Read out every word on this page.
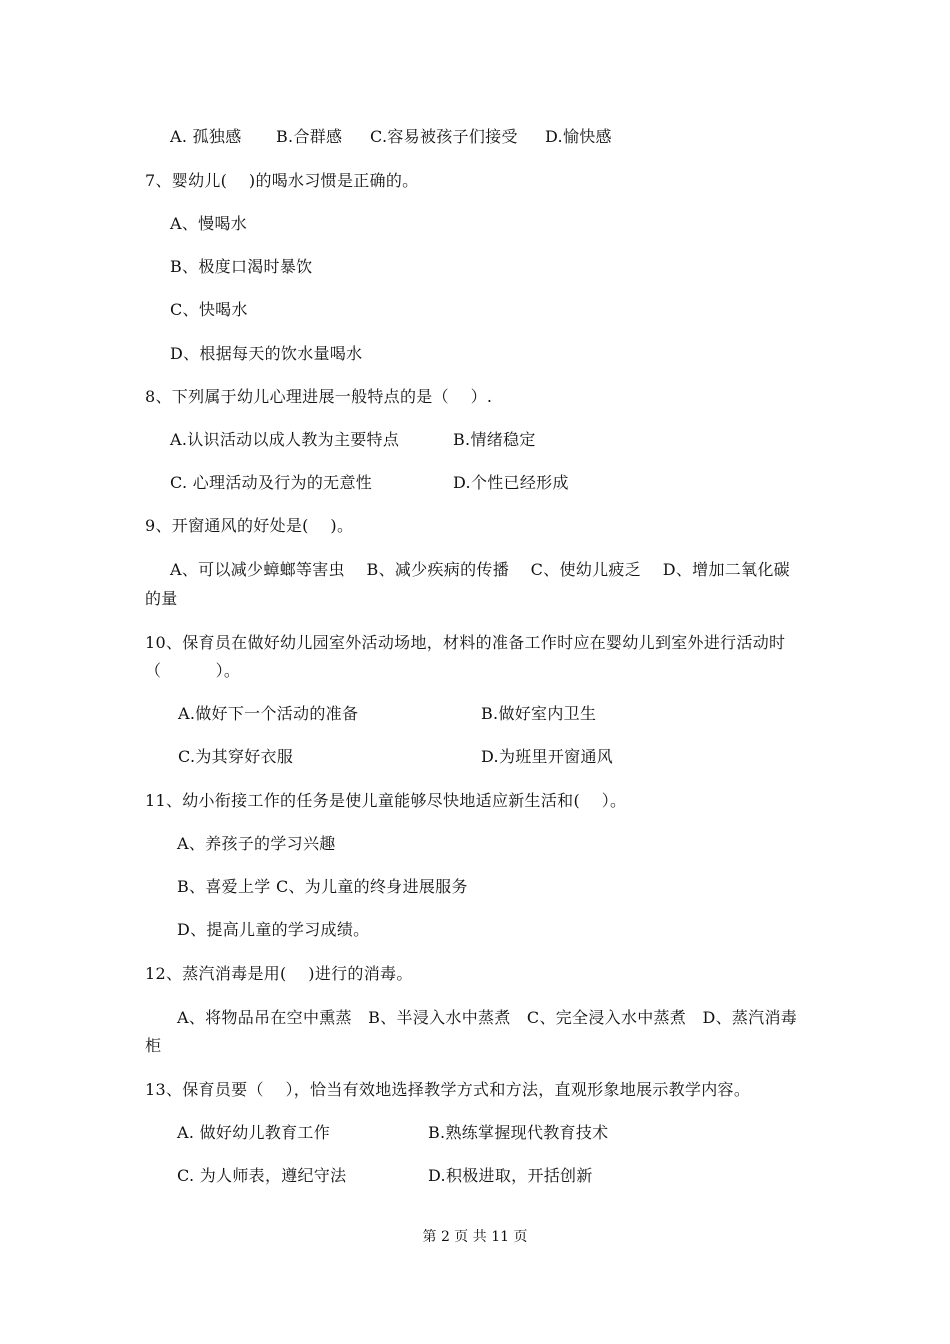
A. 孤独感 B.合群感 C.容易被孩子们接受 D.愉快感
7、婴幼儿(　 )的喝水习惯是正确的。
A、慢喝水
B、极度口渴时暴饮
C、快喝水
D、根据每天的饮水量喝水
8、下列属于幼儿心理进展一般特点的是（　 ）.
A.认识活动以成人教为主要特点	B.情绪稳定
C. 心理活动及行为的无意性	D.个性已经形成
9、开窗通风的好处是(　 )。
A、可以减少蟑螂等害虫　 B、减少疾病的传播　 C、使幼儿疲乏　 D、增加二氧化碳
的量
10、保育员在做好幼儿园室外活动场地，材料的准备工作时应在婴幼儿到室外进行活动时
（　　　 ）。
A.做好下一个活动的准备	B.做好室内卫生
C.为其穿好衣服	D.为班里开窗通风
11、幼小衔接工作的任务是使儿童能够尽快地适应新生活和(　 ）。
A、养孩子的学习兴趣
B、喜爱上学 C、为儿童的终身进展服务
D、提高儿童的学习成绩。
12、蒸汽消毒是用(　 )进行的消毒。
A、将物品吊在空中熏蒸　B、半浸入水中蒸煮　C、完全浸入水中蒸煮　D、蒸汽消毒
柜
13、保育员要（　 ），恰当有效地选择教学方式和方法，直观形象地展示教学内容。
A. 做好幼儿教育工作	B.熟练掌握现代教育技术
C. 为人师表，遵纪守法	D.积极进取，开括创新
第 2 页 共 11 页
